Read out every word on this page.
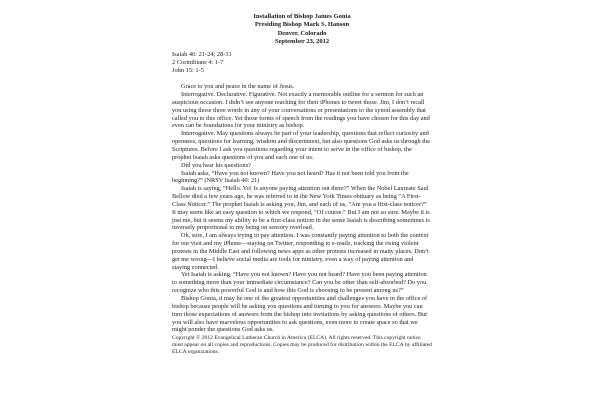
Installation of Bishop James Gonia
Presiding Bishop Mark S. Hanson
Denver, Colorado
September 23, 2012
Isaiah 40: 21-24; 28-31
2 Corinthians 4: 1-7
John 15: 1-5

Grace to you and peace in the name of Jesus.

Interrogative. Declarative. Figurative. Not exactly a memorable outline for a sermon for such an auspicious occasion. I didn’t see anyone reaching for their iPhones to tweet those. Jim, I don’t recall you using those three words in any of your conversations or presentations to the synod assembly that called you to this office. Yet those forms of speech from the readings you have chosen for this day and even can be foundations for your ministry as bishop.

Interrogative. May questions always be part of your leadership, questions that reflect curiosity and openness, questions for learning, wisdom and discernment, but also questions God asks us through the Scriptures. Before I ask you questions regarding your intent to serve in the office of bishop, the prophet Isaiah asks questions of you and each one of us.

Did you hear his questions?

Isaiah asks, “Have you not known? Have you not heard? Has it not been told you from the beginning?” (NRSV Isaiah 40: 21)

Isaiah is saying, “Hello. Yo! Is anyone paying attention out there?” When the Nobel Laureate Saul Bellow died a few years ago, he was referred to in the New York Times obituary as being “A First-Class Noticer.” The prophet Isaiah is asking you, Jim, and each of us, “Are you a first-class noticer?” It may seem like an easy question to which we respond, “Of course.” But I am not so sure. Maybe it is just me, but it seems my ability to be a first-class noticer in the sense Isaiah is describing sometimes is inversely proportional to my being on sensory overload.

Oh, sure, I am always trying to pay attention. I was constantly paying attention to both the context for our visit and my iPhone—staying on Twitter, responding to e-mails, tracking the rising violent protests in the Middle East and following news apps as other protests increased in many places. Don’t get me wrong—I believe social media are tools for ministry, even a way of paying attention and staying connected.

Yet Isaiah is asking, “Have you not known? Have you not heard? Have you been paying attention to something more than your immediate circumstance? Can you be other than self-absorbed? Do you recognize who this powerful God is and how this God is choosing to be present among us?”

Bishop Gonia, it may be one of the greatest opportunities and challenges you have in the office of bishop because people will be asking you questions and turning to you for answers. Maybe you can turn those expectations of answers from the bishop into invitations by asking questions of others. But you will also have marvelous opportunities to ask questions, even more to create space so that we might ponder the questions God asks us.

Copyright © 2012 Evangelical Lutheran Church in America (ELCA). All rights reserved. This copyright notice must appear on all copies and reproductions. Copies may be produced for distribution within the ELCA by affiliated ELCA organizations.
